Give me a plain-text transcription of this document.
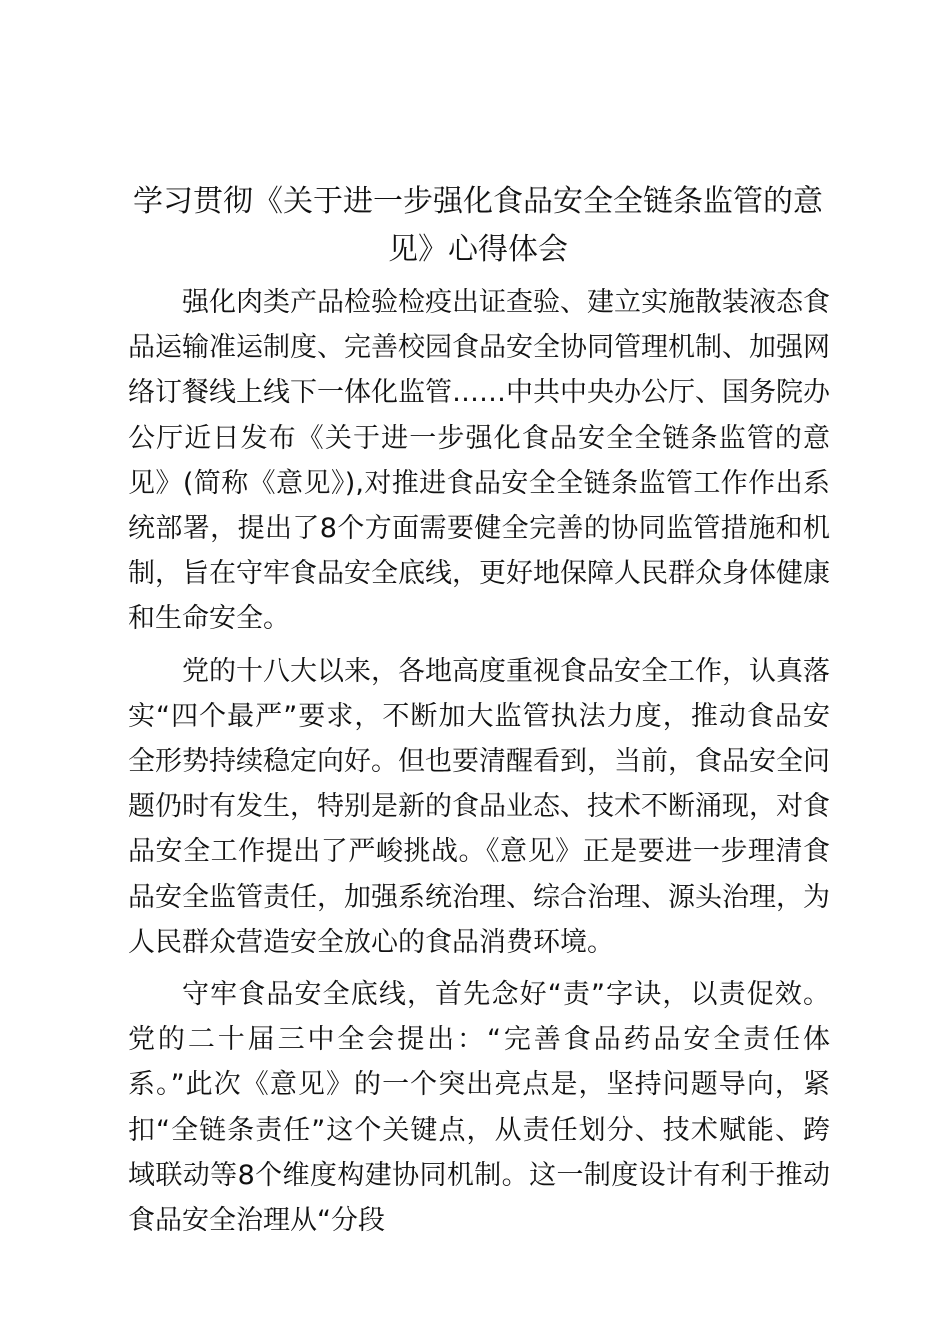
学习贯彻《关于进一步强化食品安全全链条监管的意见》心得体会

强化肉类产品检验检疫出证查验、建立实施散装液态食品运输准运制度、完善校园食品安全协同管理机制、加强网络订餐线上线下一体化监管……中共中央办公厅、国务院办公厅近日发布《关于进一步强化食品安全全链条监管的意见》(简称《意见》),对推进食品安全全链条监管工作作出系统部署，提出了8个方面需要健全完善的协同监管措施和机制，旨在守牢食品安全底线，更好地保障人民群众身体健康和生命安全。

党的十八大以来，各地高度重视食品安全工作，认真落实“四个最严”要求，不断加大监管执法力度，推动食品安全形势持续稳定向好。但也要清醒看到，当前，食品安全问题仍时有发生，特别是新的食品业态、技术不断涌现，对食品安全工作提出了严峻挑战。《意见》正是要进一步理清食品安全监管责任，加强系统治理、综合治理、源头治理，为人民群众营造安全放心的食品消费环境。

守牢食品安全底线，首先念好“责”字诀，以责促效。党的二十届三中全会提出：“完善食品药品安全责任体系。”此次《意见》的一个突出亮点是，坚持问题导向，紧扣“全链条责任”这个关键点，从责任划分、技术赋能、跨域联动等8个维度构建协同机制。这一制度设计有利于推动食品安全治理从“分段
